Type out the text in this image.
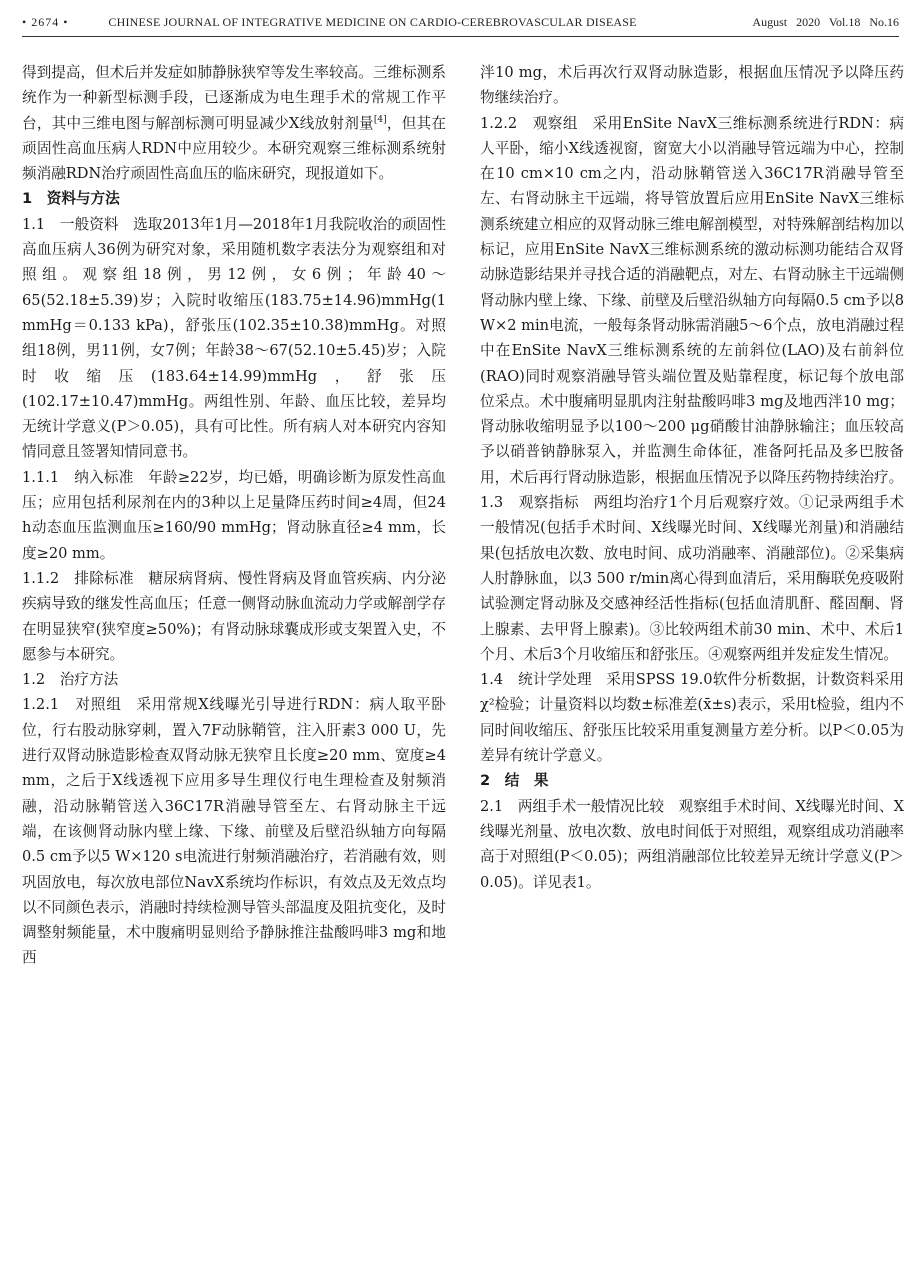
• 2674 •	CHINESE JOURNAL OF INTEGRATIVE MEDICINE ON CARDIO-CEREBROVASCULAR DISEASE	August 2020 Vol.18 No.16

得到提高，但术后并发症如肺静脉狭窄等发生率较高。三维标测系统作为一种新型标测手段，已逐渐成为电生理手术的常规工作平台，其中三维电图与解剖标测可明显减少X线放射剂量[4]，但其在顽固性高血压病人RDN中应用较少。本研究观察三维标测系统射频消融RDN治疗顽固性高血压的临床研究，现报道如下。

1　资料与方法

1.1　一般资料 选取2013年1月—2018年1月我院收治的顽固性高血压病人36例为研究对象，采用随机数字表法分为观察组和对照组。观察组18例，男12例，女6例；年龄40～65(52.18±5.39)岁；入院时收缩压(183.75±14.96)mmHg(1 mmHg＝0.133 kPa)，舒张压(102.35±10.38)mmHg。对照组18例，男11例，女7例；年龄38～67(52.10±5.45)岁；入院时收缩压(183.64±14.99)mmHg，舒张压(102.17±10.47)mmHg。两组性别、年龄、血压比较，差异均无统计学意义(P＞0.05)，具有可比性。所有病人对本研究内容知情同意且签署知情同意书。

1.1.1　纳入标准 年龄≥22岁，均已婚，明确诊断为原发性高血压；应用包括利尿剂在内的3种以上足量降压药时间≥4周，但24 h动态血压监测血压≥160/90 mmHg；肾动脉直径≥4 mm，长度≥20 mm。

1.1.2　排除标准 糖尿病肾病、慢性肾病及肾血管疾病、内分泌疾病导致的继发性高血压；任意一侧肾动脉血流动力学或解剖学存在明显狭窄(狭窄度≥50%)；有肾动脉球囊成形或支架置入史，不愿参与本研究。

1.2　治疗方法

1.2.1　对照组 采用常规X线曝光引导进行RDN：病人取平卧位，行右股动脉穿刺，置入7F动脉鞘管，注入肝素3 000 U，先进行双肾动脉造影检查双肾动脉无狭窄且长度≥20 mm、宽度≥4 mm，之后于X线透视下应用多导生理仪行电生理检查及射频消融，沿动脉鞘管送入36C17R消融导管至左、右肾动脉主干远端，在该侧肾动脉内壁上缘、下缘、前壁及后壁沿纵轴方向每隔0.5 cm予以5 W×120 s电流进行射频消融治疗，若消融有效，则巩固放电，每次放电部位NavX系统均作标识，有效点及无效点均以不同颜色表示，消融时持续检测导管头部温度及阻抗变化，及时调整射频能量，术中腹痛明显则给予静脉推注盐酸吗啡3 mg和地西

泮10 mg，术后再次行双肾动脉造影，根据血压情况予以降压药物继续治疗。

1.2.2　观察组 采用EnSite NavX三维标测系统进行RDN：病人平卧，缩小X线透视窗，窗宽大小以消融导管远端为中心，控制在10 cm×10 cm之内，沿动脉鞘管送入36C17R消融导管至左、右肾动脉主干远端，将导管放置后应用EnSite NavX三维标测系统建立相应的双肾动脉三维电解剖模型，对特殊解剖结构加以标记，应用EnSite NavX三维标测系统的激动标测功能结合双肾动脉造影结果并寻找合适的消融靶点，对左、右肾动脉主干远端侧肾动脉内壁上缘、下缘、前壁及后壁沿纵轴方向每隔0.5 cm予以8 W×2 min电流，一般每条肾动脉需消融5～6个点，放电消融过程中在EnSite NavX三维标测系统的左前斜位(LAO)及右前斜位(RAO)同时观察消融导管头端位置及贴靠程度，标记每个放电部位采点。术中腹痛明显肌肉注射盐酸吗啡3 mg及地西泮10 mg；肾动脉收缩明显予以100～200 μg硝酸甘油静脉输注；血压较高予以硝普钠静脉泵入，并监测生命体征，准备阿托品及多巴胺备用，术后再行肾动脉造影，根据血压情况予以降压药物持续治疗。

1.3　观察指标 两组均治疗1个月后观察疗效。①记录两组手术一般情况(包括手术时间、X线曝光时间、X线曝光剂量)和消融结果(包括放电次数、放电时间、成功消融率、消融部位)。②采集病人肘静脉血，以3 500 r/min离心得到血清后，采用酶联免疫吸附试验测定肾动脉及交感神经活性指标(包括血清肌酐、醛固酮、肾上腺素、去甲肾上腺素)。③比较两组术前30 min、术中、术后1个月、术后3个月收缩压和舒张压。④观察两组并发症发生情况。

1.4　统计学处理 采用SPSS 19.0软件分析数据，计数资料采用χ²检验；计量资料以均数±标准差(x̄±s)表示，采用t检验，组内不同时间收缩压、舒张压比较采用重复测量方差分析。以P＜0.05为差异有统计学意义。

2　结　果

2.1　两组手术一般情况比较 观察组手术时间、X线曝光时间、X线曝光剂量、放电次数、放电时间低于对照组，观察组成功消融率高于对照组(P＜0.05)；两组消融部位比较差异无统计学意义(P＞0.05)。详见表1。
